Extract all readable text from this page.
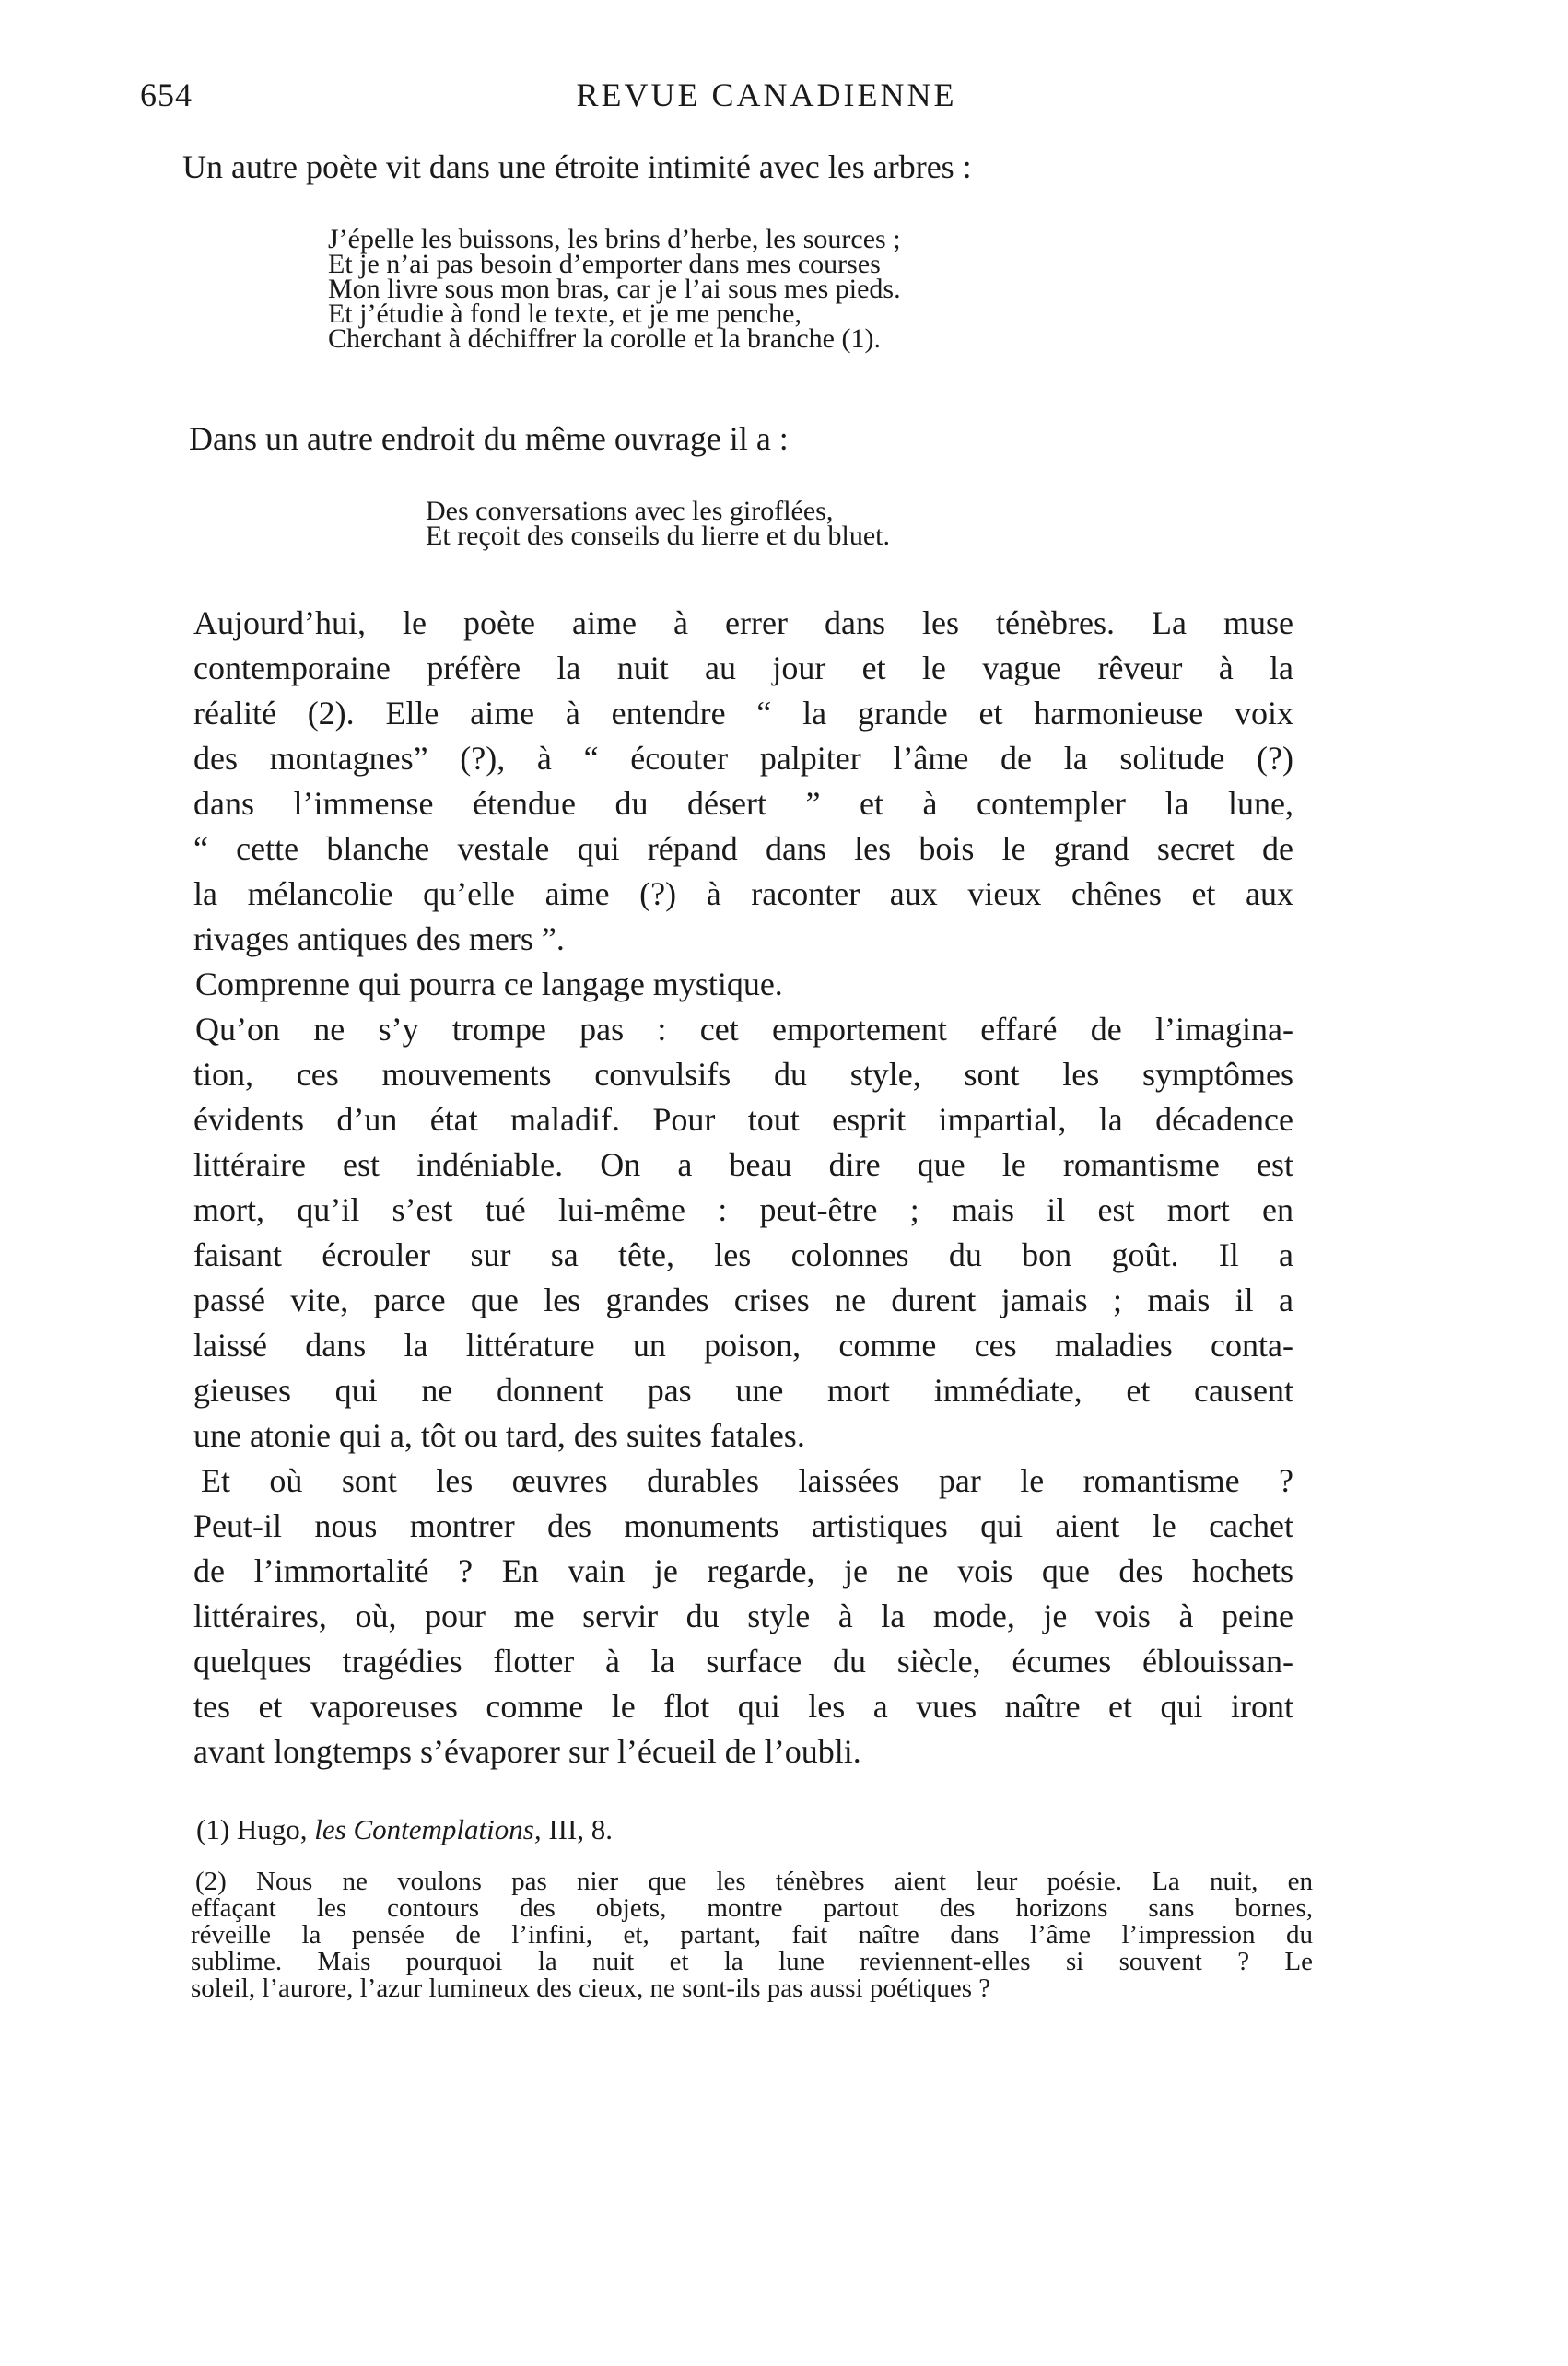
654	REVUE CANADIENNE
Un autre poète vit dans une étroite intimité avec les arbres :
J’épelle les buissons, les brins d’herbe, les sources ;
Et je n’ai pas besoin d’emporter dans mes courses
Mon livre sous mon bras, car je l’ai sous mes pieds.
Et j’étudie à fond le texte, et je me penche,
Cherchant à déchiffrer la corolle et la branche (1).
Dans un autre endroit du même ouvrage il a :
Des conversations avec les giroflées,
Et reçoit des conseils du lierre et du bluet.
Aujourd’hui, le poète aime à errer dans les ténèbres. La muse
contemporaine préfère la nuit au jour et le vague rêveur à la
réalité (2). Elle aime à entendre “ la grande et harmonieuse voix
des montagnes” (?), à “ écouter palpiter l’âme de la solitude (?)
dans l’immense étendue du désert ” et à contempler la lune,
“ cette blanche vestale qui répand dans les bois le grand secret de
la mélancolie qu’elle aime (?) à raconter aux vieux chênes et aux
rivages antiques des mers ”.
Comprenne qui pourra ce langage mystique.
Qu’on ne s’y trompe pas : cet emportement effaré de l’imagina-
tion, ces mouvements convulsifs du style, sont les symptômes
évidents d’un état maladif. Pour tout esprit impartial, la décadence
littéraire est indéniable. On a beau dire que le romantisme est
mort, qu’il s’est tué lui-même : peut-être ; mais il est mort en
faisant écrouler sur sa tête, les colonnes du bon goût. Il a
passé vite, parce que les grandes crises ne durent jamais ; mais il a
laissé dans la littérature un poison, comme ces maladies conta-
gieuses qui ne donnent pas une mort immédiate, et causent
une atonie qui a, tôt ou tard, des suites fatales.
Et où sont les œuvres durables laissées par le romantisme ?
Peut-il nous montrer des monuments artistiques qui aient le cachet
de l’immortalité ? En vain je regarde, je ne vois que des hochets
littéraires, où, pour me servir du style à la mode, je vois à peine
quelques tragédies flotter à la surface du siècle, écumes éblouissan-
tes et vaporeuses comme le flot qui les a vues naître et qui iront
avant longtemps s’évaporer sur l’écueil de l’oubli.
(1) Hugo, les Contemplations, III, 8.
(2) Nous ne voulons pas nier que les ténèbres aient leur poésie. La nuit, en
effaçant les contours des objets, montre partout des horizons sans bornes,
réveille la pensée de l’infini, et, partant, fait naître dans l’âme l’impression du
sublime. Mais pourquoi la nuit et la lune reviennent-elles si souvent ? Le
soleil, l’aurore, l’azur lumineux des cieux, ne sont-ils pas aussi poétiques ?
